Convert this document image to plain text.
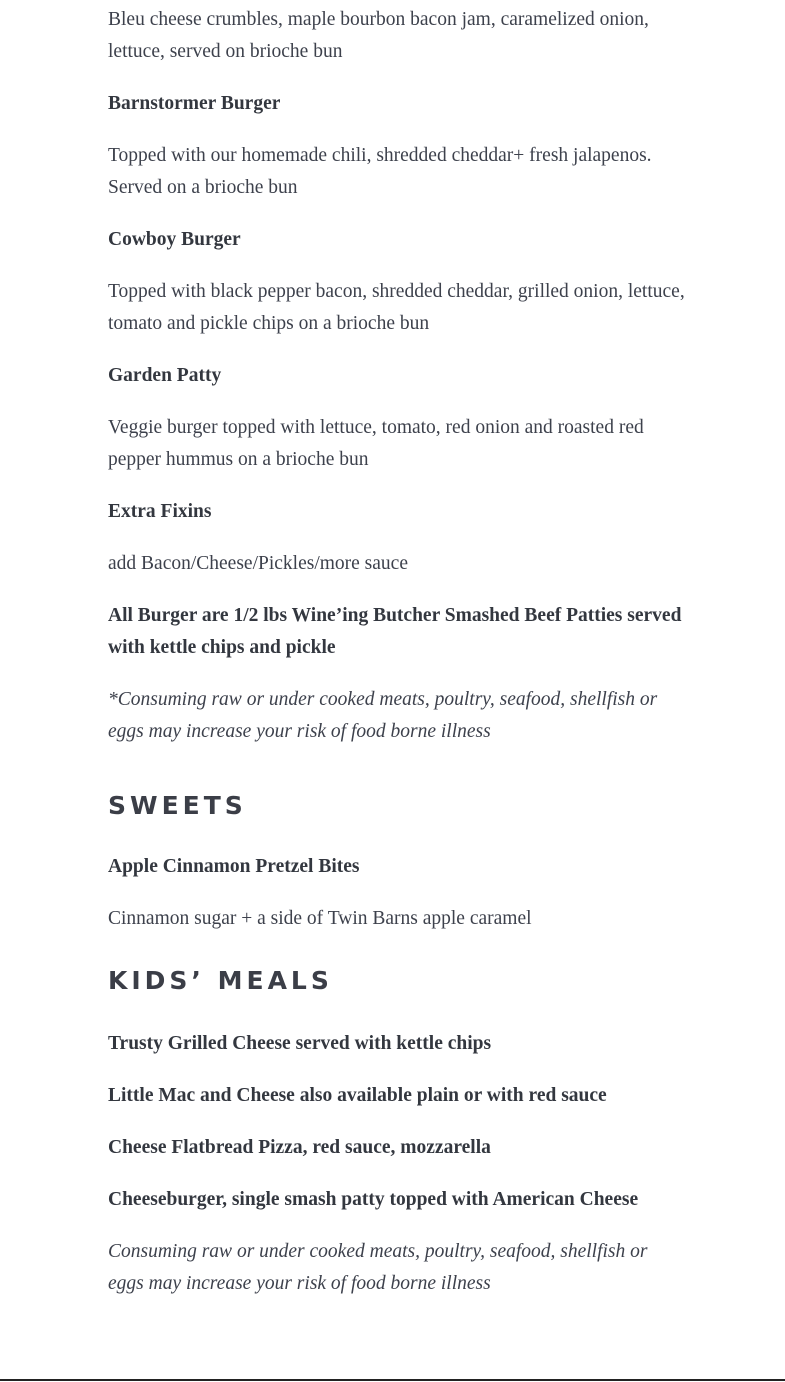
Bleu cheese crumbles, maple bourbon bacon jam, caramelized onion, lettuce, served on brioche bun

Barnstormer Burger

Topped with our homemade chili, shredded cheddar+ fresh jalapenos. Served on a brioche bun

Cowboy Burger

Topped with black pepper bacon, shredded cheddar, grilled onion, lettuce, tomato and pickle chips on a brioche bun

Garden Patty

Veggie burger topped with lettuce, tomato, red onion and roasted red pepper hummus on a brioche bun

Extra Fixins

add Bacon/Cheese/Pickles/more sauce

All Burger are 1/2 lbs Wine’ing Butcher Smashed Beef Patties served with kettle chips and pickle

*Consuming raw or under cooked meats, poultry, seafood, shellfish or eggs may increase your risk of food borne illness

SWEETS

Apple Cinnamon Pretzel Bites

Cinnamon sugar + a side of Twin Barns apple caramel

KIDS’ MEALS

Trusty Grilled Cheese served with kettle chips

Little Mac and Cheese also available plain or with red sauce

Cheese Flatbread Pizza, red sauce, mozzarella

Cheeseburger, single smash patty topped with American Cheese

Consuming raw or under cooked meats, poultry, seafood, shellfish or eggs may increase your risk of food borne illness
